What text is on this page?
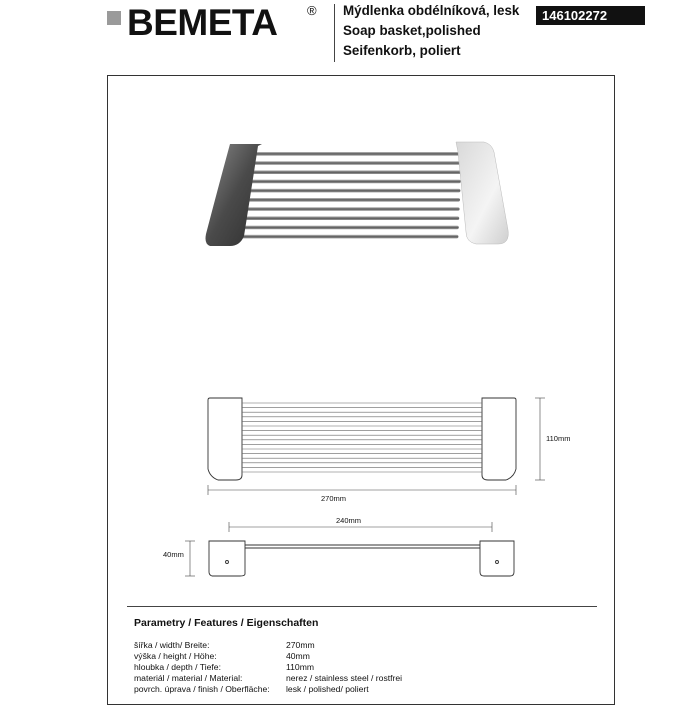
BEMETA ® Mýdlenka obdélníková, lesk
Soap basket,polished
Seifenkorb, poliert
146102272
110mm
270mm
240mm
40mm
Parametry / Features / Eigenschaften
šířka / width/ Breite:	270mm
výška / height / Höhe:	40mm
hloubka / depth / Tiefe:	110mm
materiál / material / Material:	nerez / stainless steel / rostfrei
povrch. úprava / finish / Oberfläche: lesk / polished/ poliert
